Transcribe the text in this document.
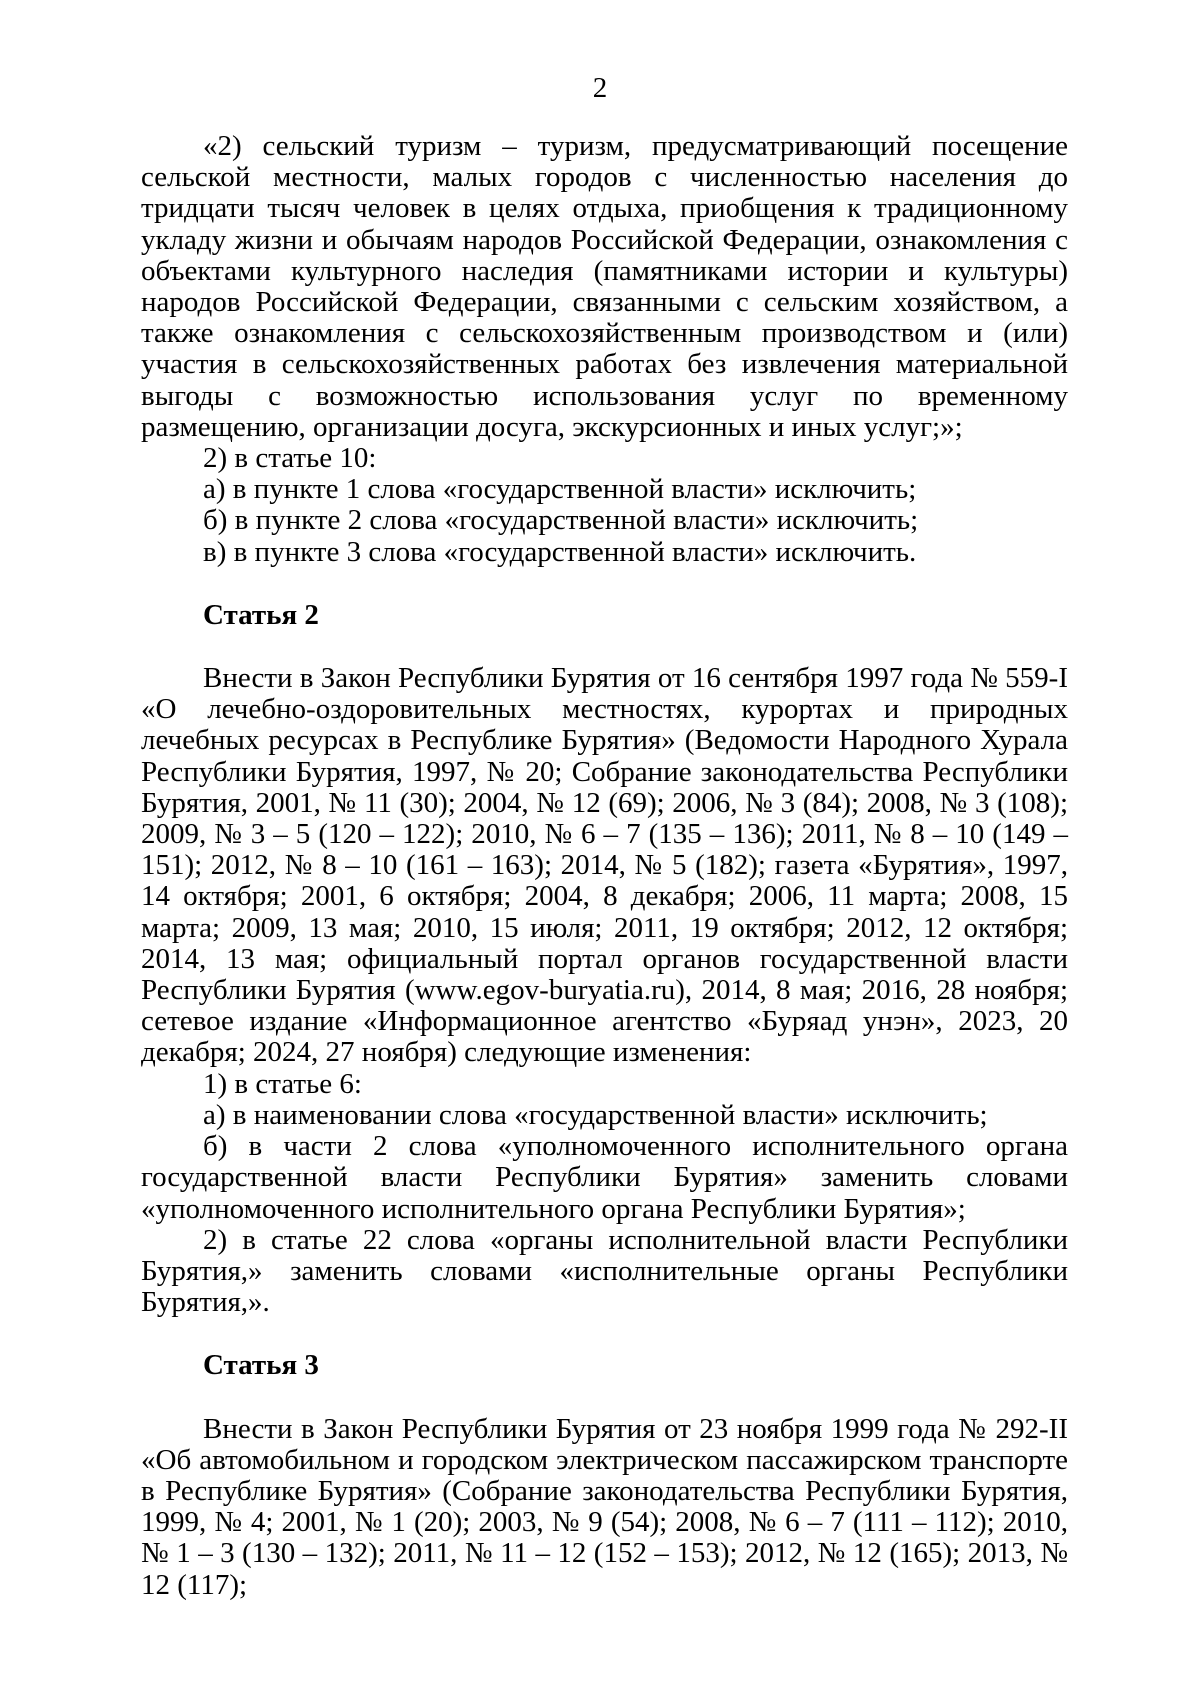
2

«2) сельский туризм – туризм, предусматривающий посещение сельской местности, малых городов с численностью населения до тридцати тысяч человек в целях отдыха, приобщения к традиционному укладу жизни и обычаям народов Российской Федерации, ознакомления с объектами культурного наследия (памятниками истории и культуры) народов Российской Федерации, связанными с сельским хозяйством, а также ознакомления с сельскохозяйственным производством и (или) участия в сельскохозяйственных работах без извлечения материальной выгоды с возможностью использования услуг по временному размещению, организации досуга, экскурсионных и иных услуг;»;

2) в статье 10:

а) в пункте 1 слова «государственной власти» исключить;

б) в пункте 2 слова «государственной власти» исключить;

в) в пункте 3 слова «государственной власти» исключить.

Статья 2

Внести в Закон Республики Бурятия от 16 сентября 1997 года № 559-I «О лечебно-оздоровительных местностях, курортах и природных лечебных ресурсах в Республике Бурятия» (Ведомости Народного Хурала Республики Бурятия, 1997, № 20; Собрание законодательства Республики Бурятия, 2001, № 11 (30); 2004, № 12 (69); 2006, № 3 (84); 2008, № 3 (108); 2009, № 3 – 5 (120 – 122); 2010, № 6 – 7 (135 – 136); 2011, № 8 – 10 (149 – 151); 2012, № 8 – 10 (161 – 163); 2014, № 5 (182); газета «Бурятия», 1997, 14 октября; 2001, 6 октября; 2004, 8 декабря; 2006, 11 марта; 2008, 15 марта; 2009, 13 мая; 2010, 15 июля; 2011, 19 октября; 2012, 12 октября; 2014, 13 мая; официальный портал органов государственной власти Республики Бурятия (www.egov-buryatia.ru), 2014, 8 мая; 2016, 28 ноября; сетевое издание «Информационное агентство «Буряад унэн», 2023, 20 декабря; 2024, 27 ноября) следующие изменения:

1) в статье 6:

а) в наименовании слова «государственной власти» исключить;

б) в части 2 слова «уполномоченного исполнительного органа государственной власти Республики Бурятия» заменить словами «уполномоченного исполнительного органа Республики Бурятия»;

2) в статье 22 слова «органы исполнительной власти Республики Бурятия,» заменить словами «исполнительные органы Республики Бурятия,».

Статья 3

Внести в Закон Республики Бурятия от 23 ноября 1999 года № 292-II «Об автомобильном и городском электрическом пассажирском транспорте в Республике Бурятия» (Собрание законодательства Республики Бурятия, 1999, № 4; 2001, № 1 (20); 2003, № 9 (54); 2008, № 6 – 7 (111 – 112); 2010, № 1 – 3 (130 – 132); 2011, № 11 – 12 (152 – 153); 2012, № 12 (165); 2013, № 12 (117);
